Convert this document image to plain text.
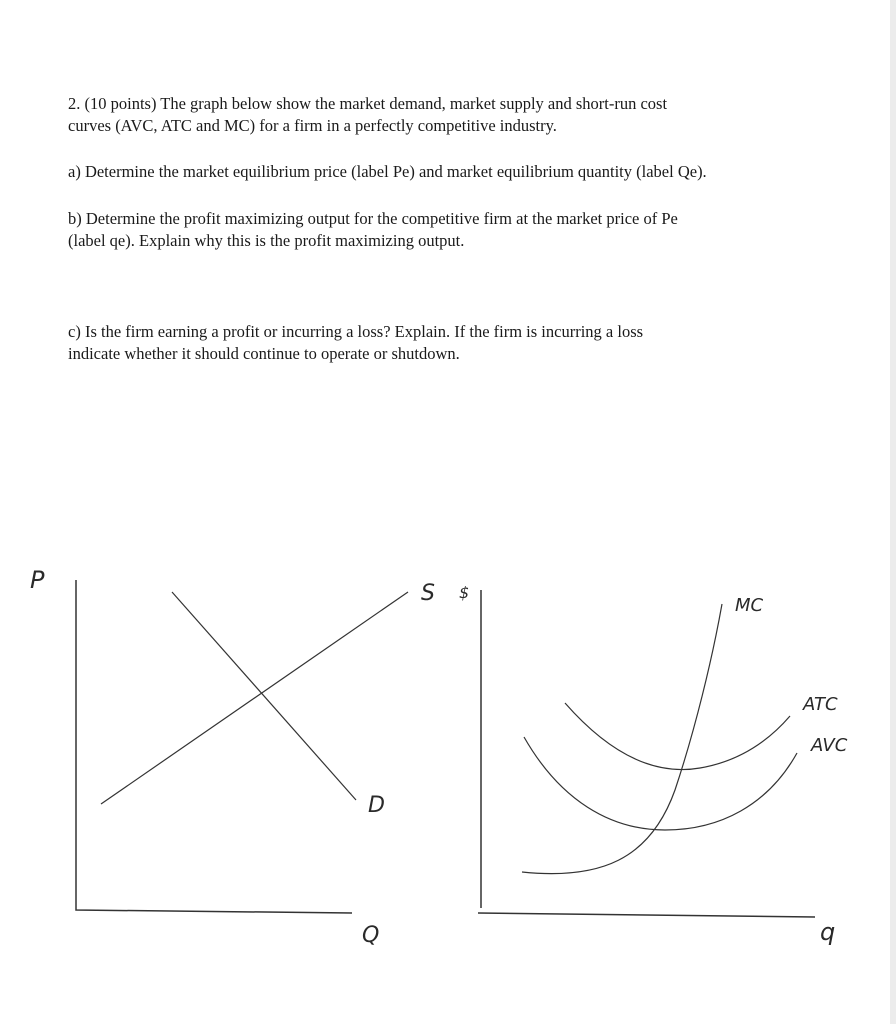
2. (10 points) The graph below show the market demand, market supply and short-run cost
curves (AVC, ATC and MC) for a firm in a perfectly competitive industry.

a) Determine the market equilibrium price (label Pe) and market equilibrium quantity (label Qe).

b) Determine the profit maximizing output for the competitive firm at the market price of Pe
(label qe). Explain why this is the profit maximizing output.

c) Is the firm earning a profit or incurring a loss? Explain. If the firm is incurring a loss
indicate whether it should continue to operate or shutdown.

P	S
D
Q
$
MC
ATC
AVC
q
